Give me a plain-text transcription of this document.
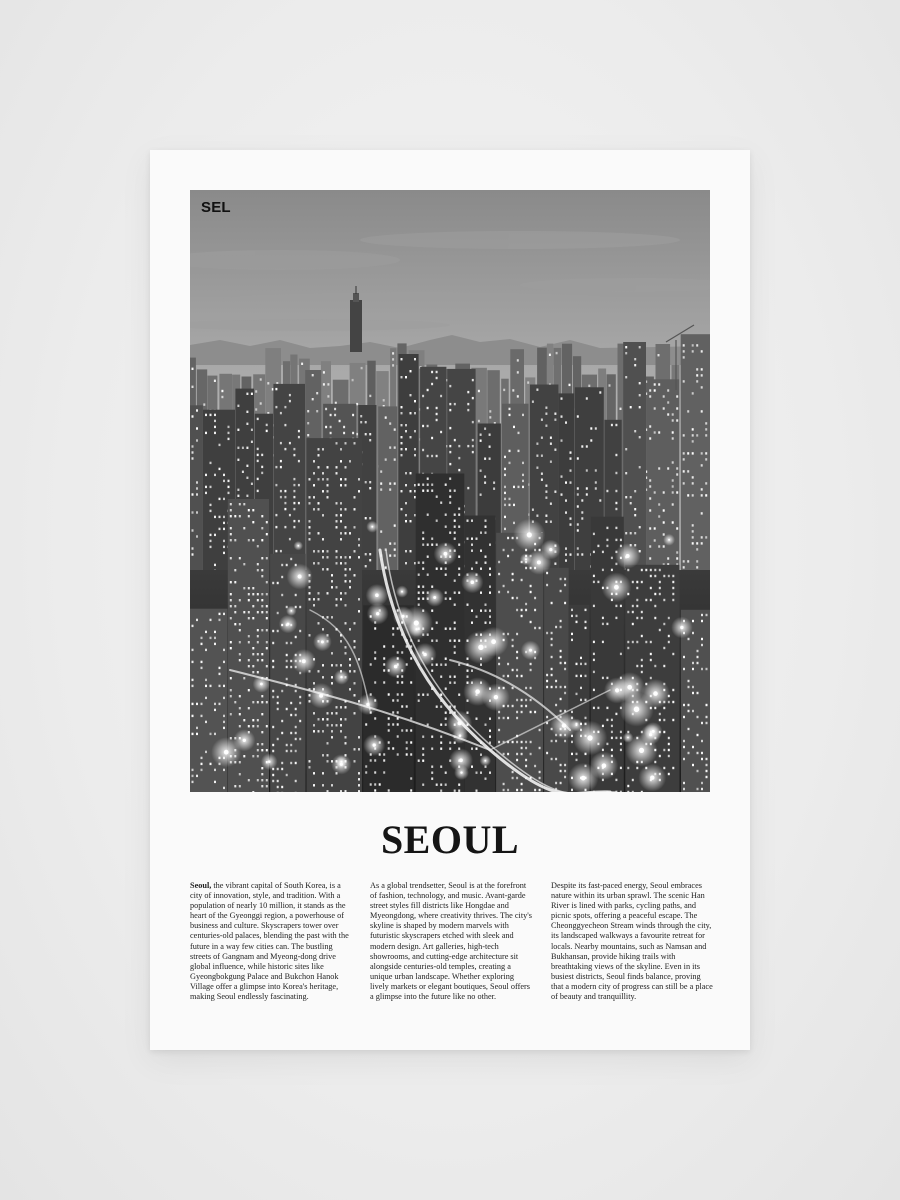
SEL
SEOUL

Seoul, the vibrant capital of South Korea, is a city of innovation, style, and tradition. With a population of nearly 10 million, it stands as the heart of the Gyeonggi region, a powerhouse of business and culture. Skyscrapers tower over centuries-old palaces, blending the past with the future in a way few cities can. The bustling streets of Gangnam and Myeong-dong drive global influence, while historic sites like Gyeongbokgung Palace and Bukchon Hanok Village offer a glimpse into Korea's heritage, making Seoul endlessly fascinating.

As a global trendsetter, Seoul is at the forefront of fashion, technology, and music. Avant-garde street styles fill districts like Hongdae and Myeongdong, where creativity thrives. The city's skyline is shaped by modern marvels with futuristic skyscrapers etched with sleek and modern design. Art galleries, high-tech showrooms, and cutting-edge architecture sit alongside centuries-old temples, creating a unique urban landscape. Whether exploring lively markets or elegant boutiques, Seoul offers a glimpse into the future like no other.

Despite its fast-paced energy, Seoul embraces nature within its urban sprawl. The scenic Han River is lined with parks, cycling paths, and picnic spots, offering a peaceful escape. The Cheonggyecheon Stream winds through the city, its landscaped walkways a favourite retreat for locals. Nearby mountains, such as Namsan and Bukhansan, provide hiking trails with breathtaking views of the skyline. Even in its busiest districts, Seoul finds balance, proving that a modern city of progress can still be a place of beauty and tranquillity.
